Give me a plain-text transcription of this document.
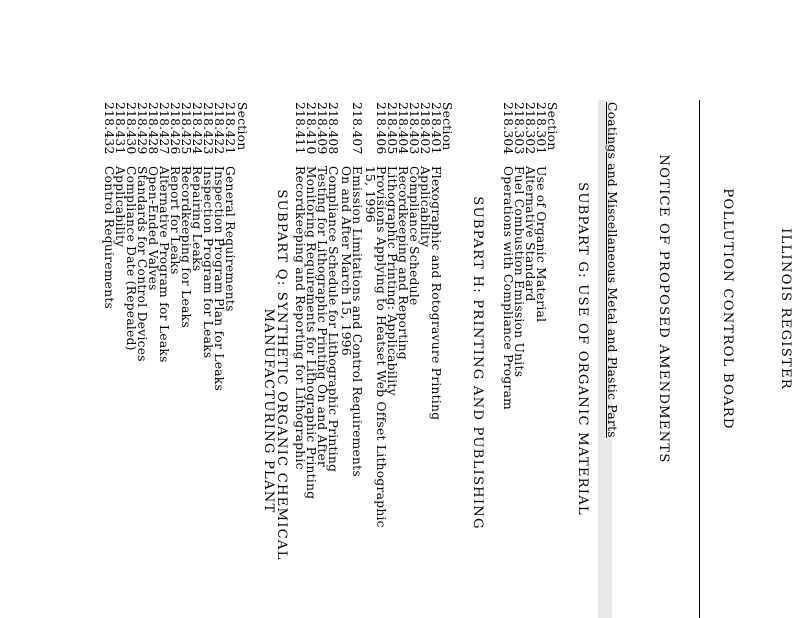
ILLINOIS REGISTER
POLLUTION CONTROL BOARD
NOTICE OF PROPOSED AMENDMENTS
Coatings and Miscellaneous Metal and Plastic Parts
SUBPART G: USE OF ORGANIC MATERIAL
Section
218.301
Use of Organic Material
218.302
Alternative Standard
218.303
Fuel Combustion Emission Units
218.304
Operations with Compliance Program
SUBPART H: PRINTING AND PUBLISHING
Section
218.401
Flexographic and Rotogravure Printing
218.402
Applicability
218.403
Compliance Schedule
218.404
Recordkeeping and Reporting
218.405
Lithographic Printing: Applicability
218.406
Provisions Applying to Heatset Web Offset Lithographic
15, 1996
218.407
Emission Limitations and Control Requirements
On and After March 15, 1996
218.408
Compliance Schedule for Lithographic Printing
218.409
Testing for Lithographic Printing On and After
218.410
Monitoring Requirements for Lithographic Printing
218.411
Recordkeeping and Reporting for Lithographic
SUBPART Q: SYNTHETIC ORGANIC CHEMICAL
MANUFACTURING PLANT
Section
218.421
General Requirements
218.422
Inspection Program Plan for Leaks
218.423
Inspection Program for Leaks
218.424
Repairing Leaks
218.425
Recordkeeping for Leaks
218.426
Report for Leaks
218.427
Alternative Program for Leaks
218.428
Open-Ended Valves
218.429
Standards for Control Devices
218.430
Compliance Date (Repealed)
218.431
Applicability
218.432
Control Requirements
